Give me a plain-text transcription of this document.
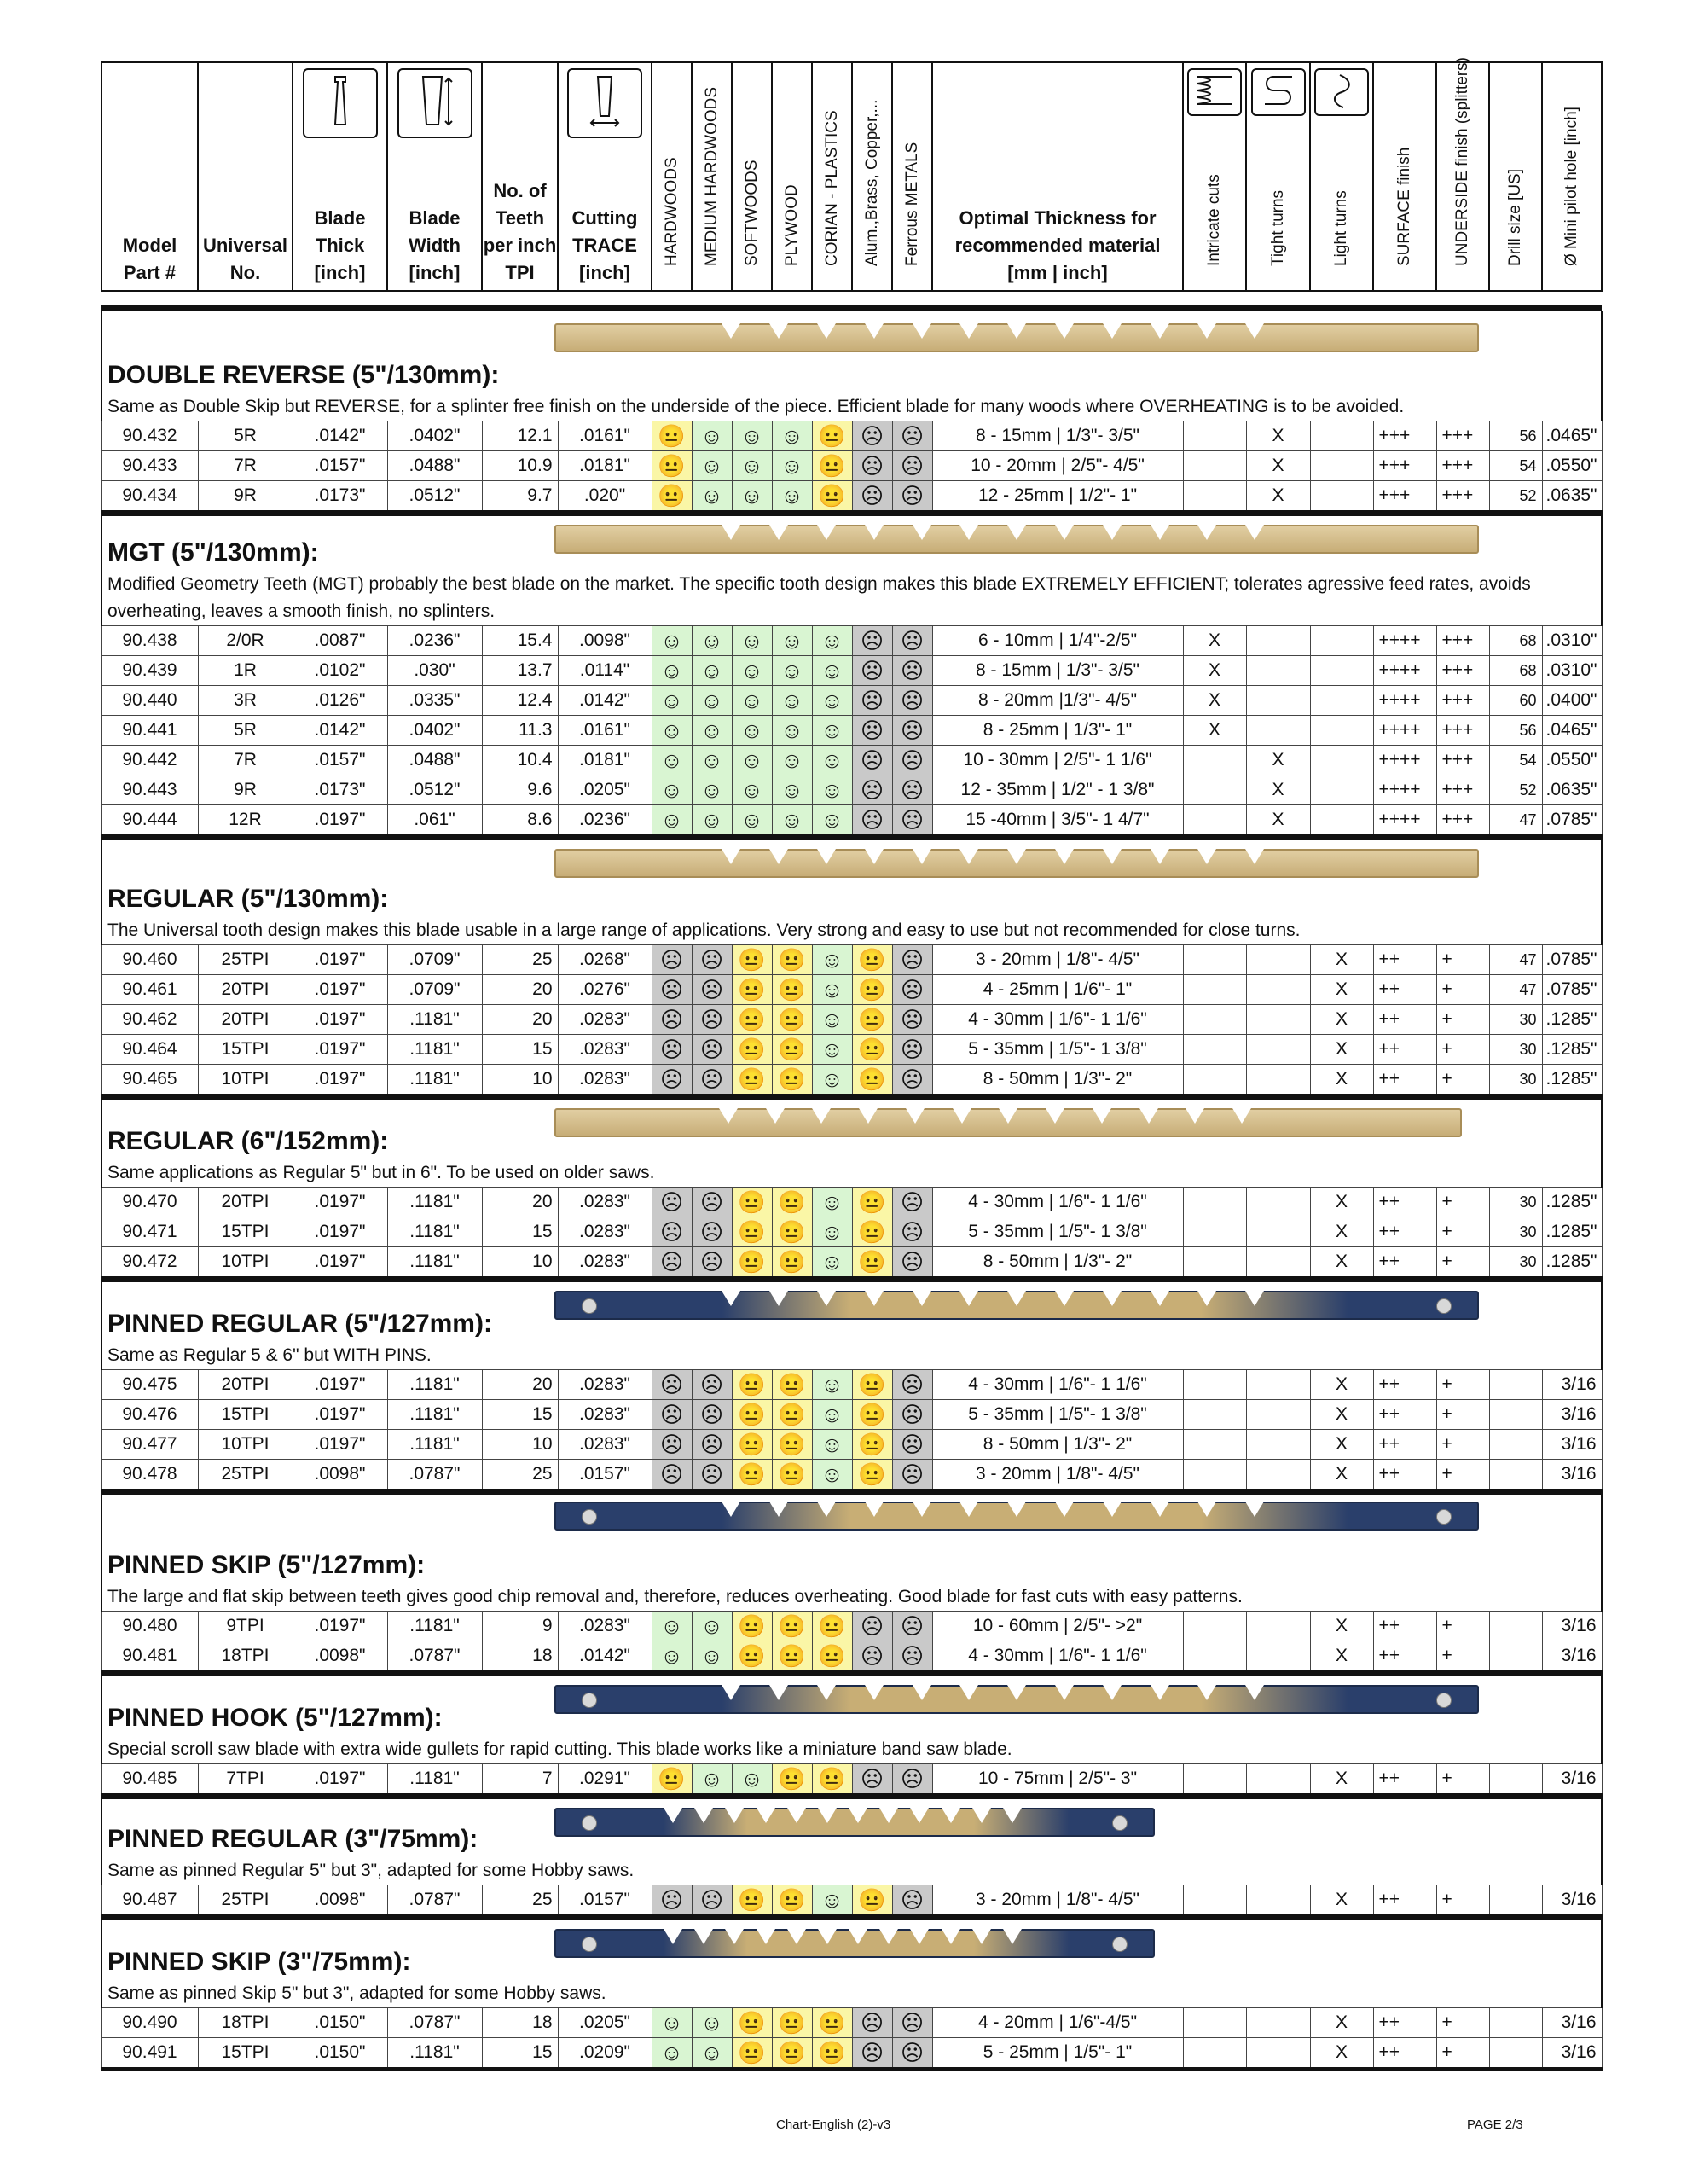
Model Part #	Universal No.	Blade Thick [inch]	Blade Width [inch]	No. of Teeth per inch TPI	Cutting TRACE [inch]	HARDWOODS	MEDIUM HARDWOODS	SOFTWOODS	PLYWOOD	CORIAN - PLASTICS	Alum.,Brass, Copper,...	Ferrous METALS	Optimal Thickness for recommended material [mm | inch]	Intricate cuts	Tight turns	Light turns	SURFACE finish	UNDERSIDE finish (splitters)	Drill size [US]	Ø Mini pilot hole [inch]

DOUBLE REVERSE (5"/130mm):																				

Same as Double Skip but REVERSE, for a splinter free finish on the underside of the piece. Efficient blade for many woods where OVERHEATING is to be avoided.																				
90.432	5R	.0142"	.0402"	12.1	.0161"	😐	☺	☺	☺	😐	☹	☹	8 - 15mm | 1/3"- 3/5"		X		+++	+++	56	.0465"
90.433	7R	.0157"	.0488"	10.9	.0181"	😐	☺	☺	☺	😐	☹	☹	10 - 20mm | 2/5"- 4/5"		X		+++	+++	54	.0550"
90.434	9R	.0173"	.0512"	9.7	.020"	😐	☺	☺	☺	😐	☹	☹	12 - 25mm | 1/2"- 1"		X		+++	+++	52	.0635"

MGT (5"/130mm):																				

Modified Geometry Teeth (MGT) probably the best blade on the market. The specific tooth design makes this blade EXTREMELY EFFICIENT; tolerates agressive feed rates, avoids overheating, leaves a smooth finish, no splinters.																				
90.438	2/0R	.0087"	.0236"	15.4	.0098"	☺	☺	☺	☺	☺	☹	☹	6 - 10mm | 1/4"-2/5"	X			++++	+++	68	.0310"
90.439	1R	.0102"	.030"	13.7	.0114"	☺	☺	☺	☺	☺	☹	☹	8 - 15mm | 1/3"- 3/5"	X			++++	+++	68	.0310"
90.440	3R	.0126"	.0335"	12.4	.0142"	☺	☺	☺	☺	☺	☹	☹	8 - 20mm |1/3"- 4/5"	X			++++	+++	60	.0400"
90.441	5R	.0142"	.0402"	11.3	.0161"	☺	☺	☺	☺	☺	☹	☹	8 - 25mm | 1/3"- 1"	X			++++	+++	56	.0465"
90.442	7R	.0157"	.0488"	10.4	.0181"	☺	☺	☺	☺	☺	☹	☹	10 - 30mm | 2/5"- 1 1/6"		X		++++	+++	54	.0550"
90.443	9R	.0173"	.0512"	9.6	.0205"	☺	☺	☺	☺	☺	☹	☹	12 - 35mm | 1/2" - 1 3/8"		X		++++	+++	52	.0635"
90.444	12R	.0197"	.061"	8.6	.0236"	☺	☺	☺	☺	☺	☹	☹	15 -40mm | 3/5"- 1 4/7"		X		++++	+++	47	.0785"

REGULAR (5"/130mm):																				

The Universal tooth design makes this blade usable in a large range of applications. Very strong and easy to use but not recommended for close turns.																				
90.460	25TPI	.0197"	.0709"	25	.0268"	☹	☹	😐	😐	☺	😐	☹	3 - 20mm | 1/8"- 4/5"			X	++	+	47	.0785"
90.461	20TPI	.0197"	.0709"	20	.0276"	☹	☹	😐	😐	☺	😐	☹	4 - 25mm | 1/6"- 1"			X	++	+	47	.0785"
90.462	20TPI	.0197"	.1181"	20	.0283"	☹	☹	😐	😐	☺	😐	☹	4 - 30mm | 1/6"- 1 1/6"			X	++	+	30	.1285"
90.464	15TPI	.0197"	.1181"	15	.0283"	☹	☹	😐	😐	☺	😐	☹	5 - 35mm | 1/5"- 1 3/8"			X	++	+	30	.1285"
90.465	10TPI	.0197"	.1181"	10	.0283"	☹	☹	😐	😐	☺	😐	☹	8 - 50mm | 1/3"- 2"			X	++	+	30	.1285"

REGULAR (6"/152mm):																				

Same applications as Regular 5" but in 6". To be used on older saws.																				
90.470	20TPI	.0197"	.1181"	20	.0283"	☹	☹	😐	😐	☺	😐	☹	4 - 30mm | 1/6"- 1 1/6"			X	++	+	30	.1285"
90.471	15TPI	.0197"	.1181"	15	.0283"	☹	☹	😐	😐	☺	😐	☹	5 - 35mm | 1/5"- 1 3/8"			X	++	+	30	.1285"
90.472	10TPI	.0197"	.1181"	10	.0283"	☹	☹	😐	😐	☺	😐	☹	8 - 50mm | 1/3"- 2"			X	++	+	30	.1285"

PINNED REGULAR (5"/127mm):																				

Same as Regular 5 & 6" but WITH PINS.																				
90.475	20TPI	.0197"	.1181"	20	.0283"	☹	☹	😐	😐	☺	😐	☹	4 - 30mm | 1/6"- 1 1/6"			X	++	+		3/16
90.476	15TPI	.0197"	.1181"	15	.0283"	☹	☹	😐	😐	☺	😐	☹	5 - 35mm | 1/5"- 1 3/8"			X	++	+		3/16
90.477	10TPI	.0197"	.1181"	10	.0283"	☹	☹	😐	😐	☺	😐	☹	8 - 50mm | 1/3"- 2"			X	++	+		3/16
90.478	25TPI	.0098"	.0787"	25	.0157"	☹	☹	😐	😐	☺	😐	☹	3 - 20mm | 1/8"- 4/5"			X	++	+		3/16

PINNED SKIP (5"/127mm):																				

The large and flat skip between teeth gives good chip removal and, therefore, reduces overheating. Good blade for fast cuts with easy patterns.																				
90.480	9TPI	.0197"	.1181"	9	.0283"	☺	☺	😐	😐	😐	☹	☹	10 - 60mm | 2/5"- >2"			X	++	+		3/16
90.481	18TPI	.0098"	.0787"	18	.0142"	☺	☺	😐	😐	😐	☹	☹	4 - 30mm | 1/6"- 1 1/6"			X	++	+		3/16

PINNED HOOK (5"/127mm):																				

Special scroll saw blade with extra wide gullets for rapid cutting. This blade works like a miniature band saw blade.																				
90.485	7TPI	.0197"	.1181"	7	.0291"	😐	☺	☺	😐	😐	☹	☹	10 - 75mm | 2/5"- 3"			X	++	+		3/16

PINNED REGULAR (3"/75mm):																				

Same as pinned Regular 5" but 3", adapted for some Hobby saws.																				
90.487	25TPI	.0098"	.0787"	25	.0157"	☹	☹	😐	😐	☺	😐	☹	3 - 20mm | 1/8"- 4/5"			X	++	+		3/16

PINNED SKIP (3"/75mm):																				

Same as pinned Skip 5" but 3", adapted for some Hobby saws.																				
90.490	18TPI	.0150"	.0787"	18	.0205"	☺	☺	😐	😐	😐	☹	☹	4 - 20mm | 1/6"-4/5"			X	++	+		3/16
90.491	15TPI	.0150"	.1181"	15	.0209"	☺	☺	😐	😐	😐	☹	☹	5 - 25mm | 1/5"- 1"			X	++	+		3/16

Chart-English (2)-v3	PAGE 2/3
